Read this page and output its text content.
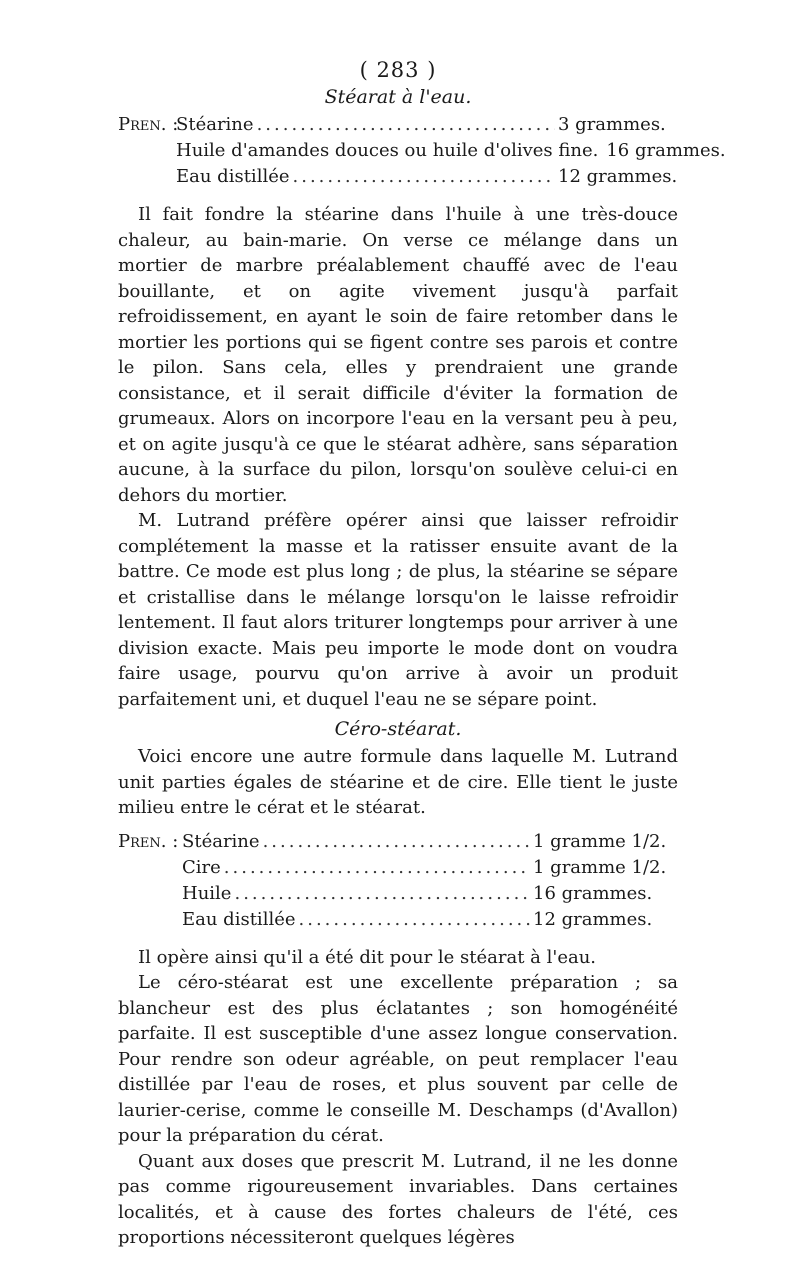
( 283 )
Stéarat à l'eau.
Pren. :
Stéarine .....	3 grammes.
Huile d'amandes douces ou huile d'olives fine. 16 grammes.
Eau distillée .....	12 grammes.

Il fait fondre la stéarine dans l'huile à une très-douce chaleur, au bain-marie. On verse ce mélange dans un mortier de marbre préalablement chauffé avec de l'eau bouillante, et on agite vivement jusqu'à parfait refroidissement, en ayant le soin de faire retomber dans le mortier les portions qui se figent contre ses parois et contre le pilon. Sans cela, elles y prendraient une grande consistance, et il serait difficile d'éviter la formation de grumeaux. Alors on incorpore l'eau en la versant peu à peu, et on agite jusqu'à ce que le stéarat adhère, sans séparation aucune, à la surface du pilon, lorsqu'on soulève celui-ci en dehors du mortier.

M. Lutrand préfère opérer ainsi que laisser refroidir complétement la masse et la ratisser ensuite avant de la battre. Ce mode est plus long ; de plus, la stéarine se sépare et cristallise dans le mélange lorsqu'on le laisse refroidir lentement. Il faut alors triturer longtemps pour arriver à une division exacte. Mais peu importe le mode dont on voudra faire usage, pourvu qu'on arrive à avoir un produit parfaitement uni, et duquel l'eau ne se sépare point.

Céro-stéarat.

Voici encore une autre formule dans laquelle M. Lutrand unit parties égales de stéarine et de cire. Elle tient le juste milieu entre le cérat et le stéarat.

Pren. : Stéarine .....	1 gramme 1/2.
Cire .....	1 gramme 1/2.
Huile .....	16 grammes.
Eau distillée .....	12 grammes.

Il opère ainsi qu'il a été dit pour le stéarat à l'eau.

Le céro-stéarat est une excellente préparation ; sa blancheur est des plus éclatantes ; son homogénéité parfaite. Il est susceptible d'une assez longue conservation. Pour rendre son odeur agréable, on peut remplacer l'eau distillée par l'eau de roses, et plus souvent par celle de laurier-cerise, comme le conseille M. Deschamps (d'Avallon) pour la préparation du cérat.

Quant aux doses que prescrit M. Lutrand, il ne les donne pas comme rigoureusement invariables. Dans certaines localités, et à cause des fortes chaleurs de l'été, ces proportions nécessiteront quelques légères
